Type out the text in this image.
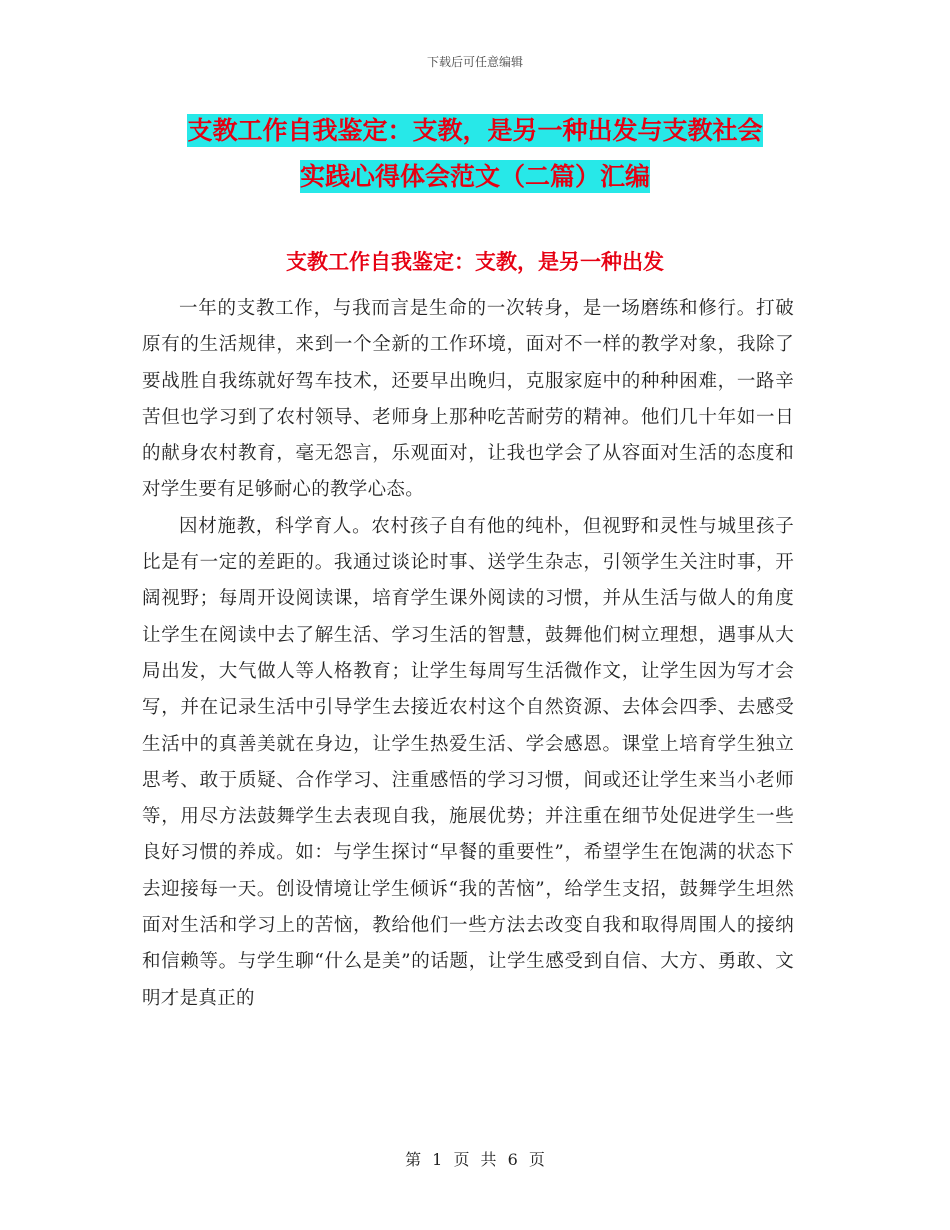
下载后可任意编辑
支教工作自我鉴定：支教，是另一种出发与支教社会
实践心得体会范文（二篇）汇编
支教工作自我鉴定：支教，是另一种出发

一年的支教工作，与我而言是生命的一次转身，是一场磨练和修行。打破原有的生活规律，来到一个全新的工作环境，面对不一样的教学对象，我除了要战胜自我练就好驾车技术，还要早出晚归，克服家庭中的种种困难，一路辛苦但也学习到了农村领导、老师身上那种吃苦耐劳的精神。他们几十年如一日的献身农村教育，毫无怨言，乐观面对，让我也学会了从容面对生活的态度和对学生要有足够耐心的教学心态。

因材施教，科学育人。农村孩子自有他的纯朴，但视野和灵性与城里孩子比是有一定的差距的。我通过谈论时事、送学生杂志，引领学生关注时事，开阔视野；每周开设阅读课，培育学生课外阅读的习惯，并从生活与做人的角度让学生在阅读中去了解生活、学习生活的智慧，鼓舞他们树立理想，遇事从大局出发，大气做人等人格教育；让学生每周写生活微作文，让学生因为写才会写，并在记录生活中引导学生去接近农村这个自然资源、去体会四季、去感受生活中的真善美就在身边，让学生热爱生活、学会感恩。课堂上培育学生独立思考、敢于质疑、合作学习、注重感悟的学习习惯，间或还让学生来当小老师等，用尽方法鼓舞学生去表现自我，施展优势；并注重在细节处促进学生一些良好习惯的养成。如：与学生探讨“早餐的重要性”，希望学生在饱满的状态下去迎接每一天。创设情境让学生倾诉“我的苦恼”，给学生支招，鼓舞学生坦然面对生活和学习上的苦恼，教给他们一些方法去改变自我和取得周围人的接纳和信赖等。与学生聊“什么是美”的话题，让学生感受到自信、大方、勇敢、文明才是真正的

第 1 页 共 6 页
